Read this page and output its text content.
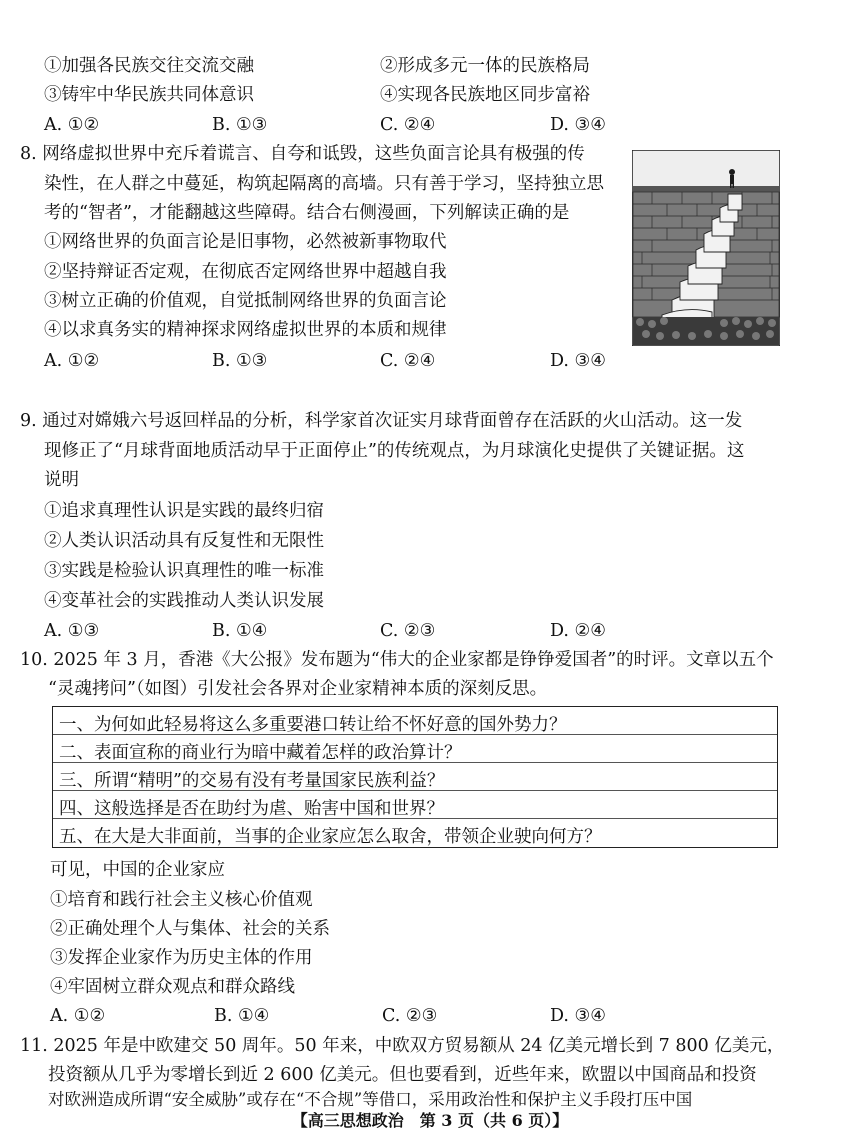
①加强各民族交往交流交融	②形成多元一体的民族格局
③铸牢中华民族共同体意识	④实现各民族地区同步富裕
A. ①②	B. ①③	C. ②④	D. ③④
8. 网络虚拟世界中充斥着谎言、自夸和诋毁，这些负面言论具有极强的传
染性，在人群之中蔓延，构筑起隔离的高墙。只有善于学习，坚持独立思
考的“智者”，才能翻越这些障碍。结合右侧漫画，下列解读正确的是
①网络世界的负面言论是旧事物，必然被新事物取代
②坚持辩证否定观，在彻底否定网络世界中超越自我
③树立正确的价值观，自觉抵制网络世界的负面言论
④以求真务实的精神探求网络虚拟世界的本质和规律
A. ①②	B. ①③	C. ②④	D. ③④
9. 通过对嫦娥六号返回样品的分析，科学家首次证实月球背面曾存在活跃的火山活动。这一发
现修正了“月球背面地质活动早于正面停止”的传统观点，为月球演化史提供了关键证据。这
说明
①追求真理性认识是实践的最终归宿
②人类认识活动具有反复性和无限性
③实践是检验认识真理性的唯一标准
④变革社会的实践推动人类认识发展
A. ①③	B. ①④	C. ②③	D. ②④
10. 2025 年 3 月，香港《大公报》发布题为“伟大的企业家都是铮铮爱国者”的时评。文章以五个
“灵魂拷问”（如图）引发社会各界对企业家精神本质的深刻反思。
一、为何如此轻易将这么多重要港口转让给不怀好意的国外势力？
二、表面宣称的商业行为暗中藏着怎样的政治算计？
三、所谓“精明”的交易有没有考量国家民族利益？
四、这般选择是否在助纣为虐、贻害中国和世界？
五、在大是大非面前，当事的企业家应怎么取舍，带领企业驶向何方？
可见，中国的企业家应
①培育和践行社会主义核心价值观
②正确处理个人与集体、社会的关系
③发挥企业家作为历史主体的作用
④牢固树立群众观点和群众路线
A. ①②	B. ①④	C. ②③	D. ③④
11. 2025 年是中欧建交 50 周年。50 年来，中欧双方贸易额从 24 亿美元增长到 7 800 亿美元，
投资额从几乎为零增长到近 2 600 亿美元。但也要看到，近些年来，欧盟以中国商品和投资
对欧洲造成所谓“安全威胁”或存在“不合规”等借口，采用政治性和保护主义手段打压中国
【高三思想政治　第 3 页（共 6 页）】
